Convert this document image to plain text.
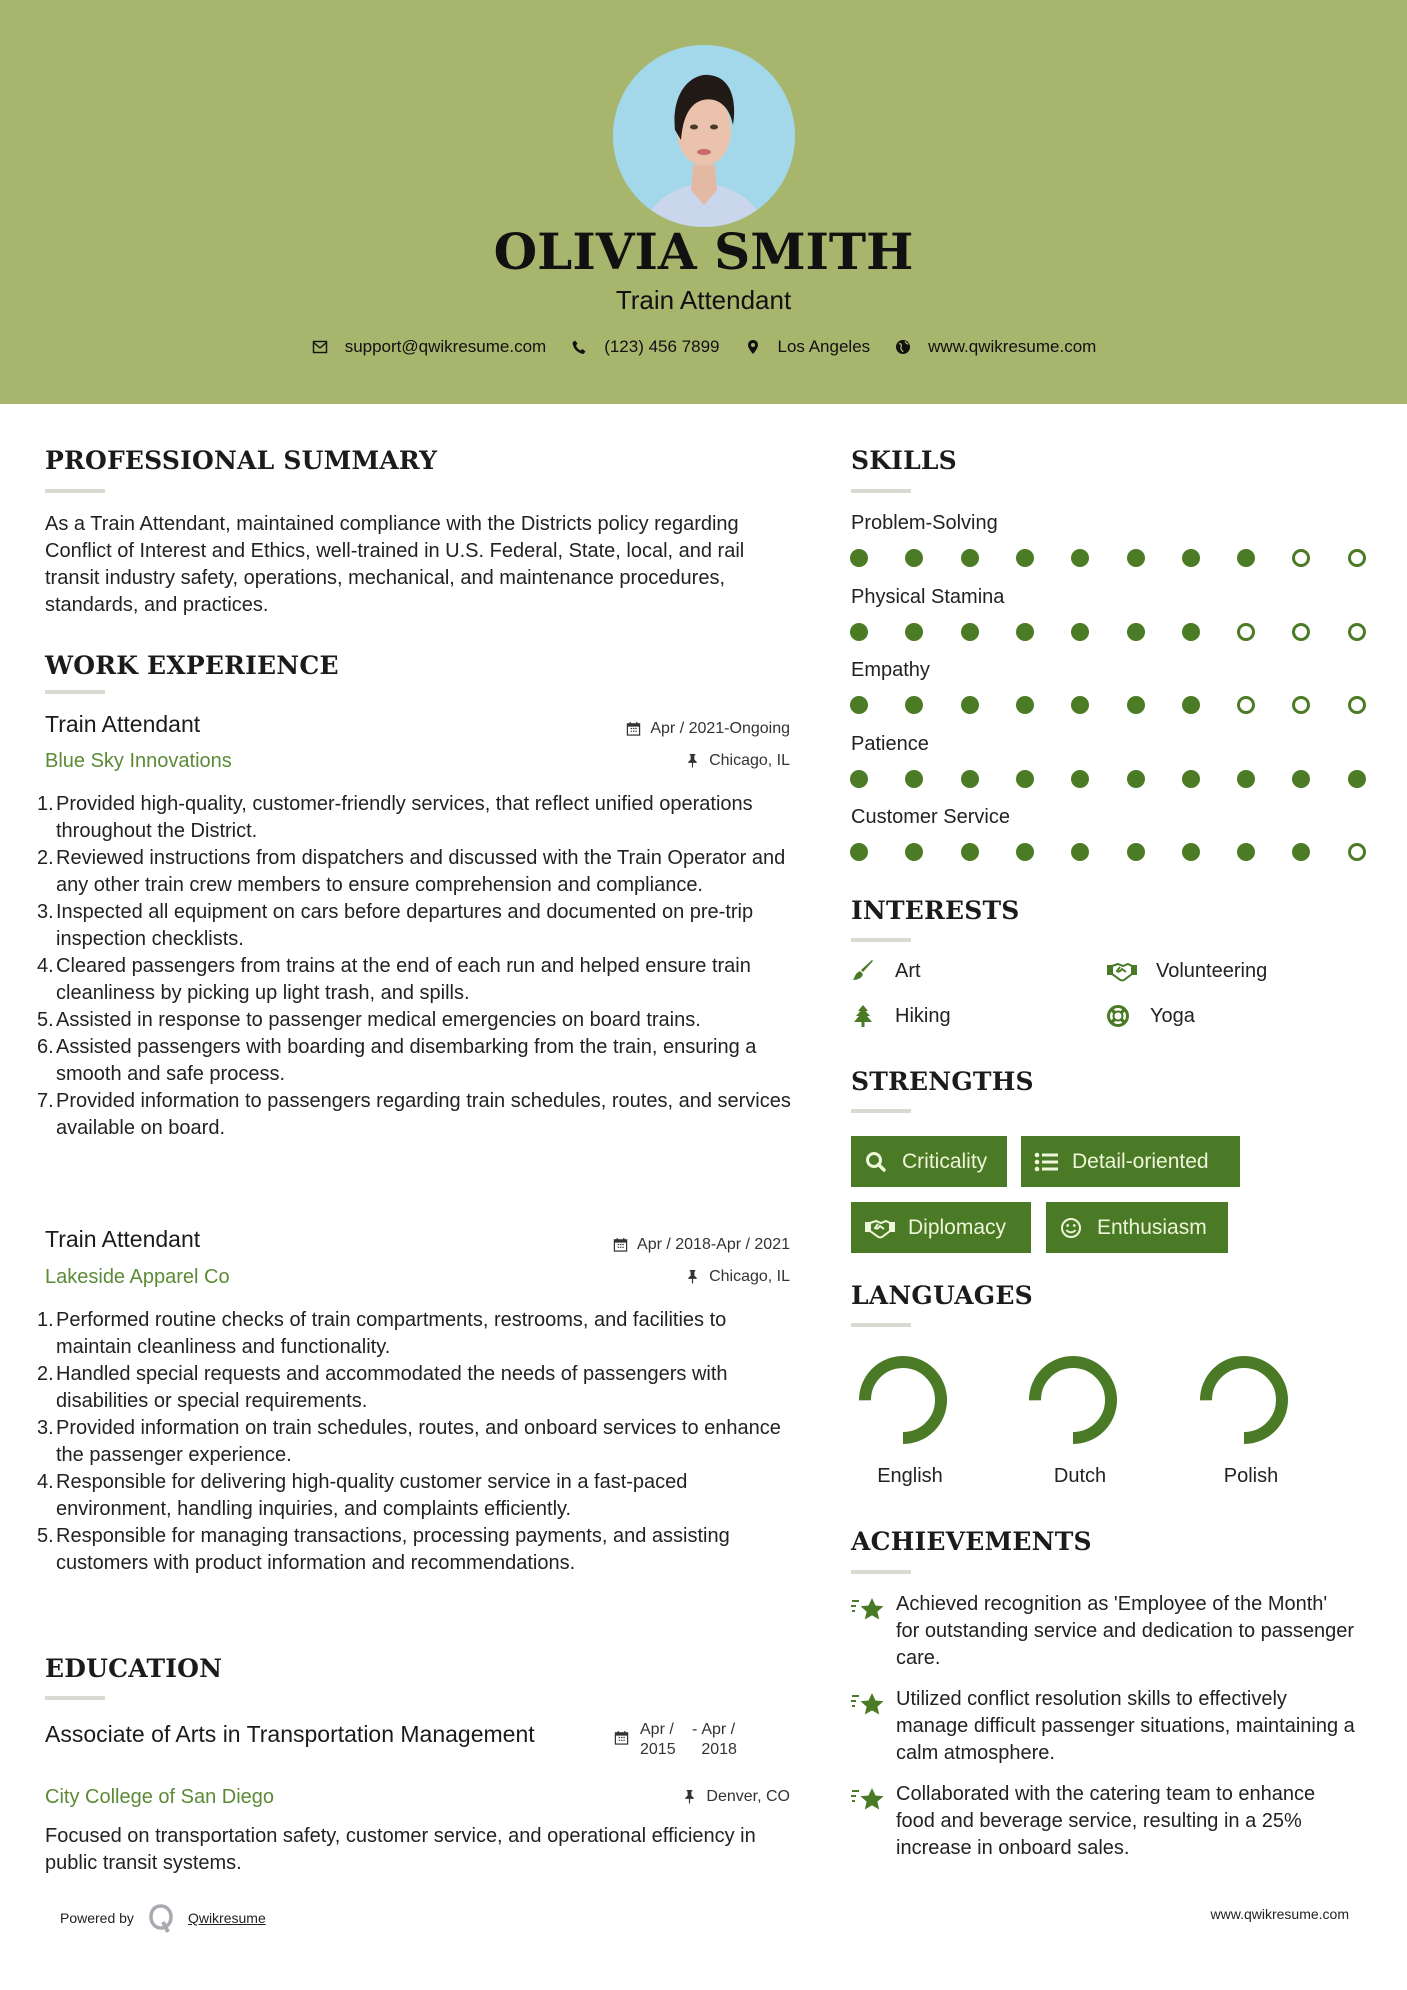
OLIVIA SMITH
Train Attendant
support@qwikresume.com	(123) 456 7899	Los Angeles	www.qwikresume.com
PROFESSIONAL SUMMARY
As a Train Attendant, maintained compliance with the Districts policy regarding Conflict of Interest and Ethics, well-trained in U.S. Federal, State, local, and rail transit industry safety, operations, mechanical, and maintenance procedures, standards, and practices.
WORK EXPERIENCE
Train Attendant	Apr / 2021-Ongoing
Blue Sky Innovations	Chicago, IL
1. Provided high-quality, customer-friendly services, that reflect unified operations throughout the District.
2. Reviewed instructions from dispatchers and discussed with the Train Operator and any other train crew members to ensure comprehension and compliance.
3. Inspected all equipment on cars before departures and documented on pre-trip inspection checklists.
4. Cleared passengers from trains at the end of each run and helped ensure train cleanliness by picking up light trash, and spills.
5. Assisted in response to passenger medical emergencies on board trains.
6. Assisted passengers with boarding and disembarking from the train, ensuring a smooth and safe process.
7. Provided information to passengers regarding train schedules, routes, and services available on board.
Train Attendant	Apr / 2018-Apr / 2021
Lakeside Apparel Co	Chicago, IL
1. Performed routine checks of train compartments, restrooms, and facilities to maintain cleanliness and functionality.
2. Handled special requests and accommodated the needs of passengers with disabilities or special requirements.
3. Provided information on train schedules, routes, and onboard services to enhance the passenger experience.
4. Responsible for delivering high-quality customer service in a fast-paced environment, handling inquiries, and complaints efficiently.
5. Responsible for managing transactions, processing payments, and assisting customers with product information and recommendations.
EDUCATION
Associate of Arts in Transportation Management	Apr / 2015
- Apr / 2018
City College of San Diego	Denver, CO
Focused on transportation safety, customer service, and operational efficiency in public transit systems.
SKILLS
Problem-Solving
Physical Stamina
Empathy
Patience
Customer Service
INTERESTS
Art	Volunteering
Hiking	Yoga
STRENGTHS
Criticality	Detail-oriented
Diplomacy	Enthusiasm
LANGUAGES
English	Dutch	Polish
ACHIEVEMENTS
Achieved recognition as 'Employee of the Month' for outstanding service and dedication to passenger care.
Utilized conflict resolution skills to effectively manage difficult passenger situations, maintaining a calm atmosphere.
Collaborated with the catering team to enhance food and beverage service, resulting in a 25% increase in onboard sales.
Powered by	Qwikresume	www.qwikresume.com
